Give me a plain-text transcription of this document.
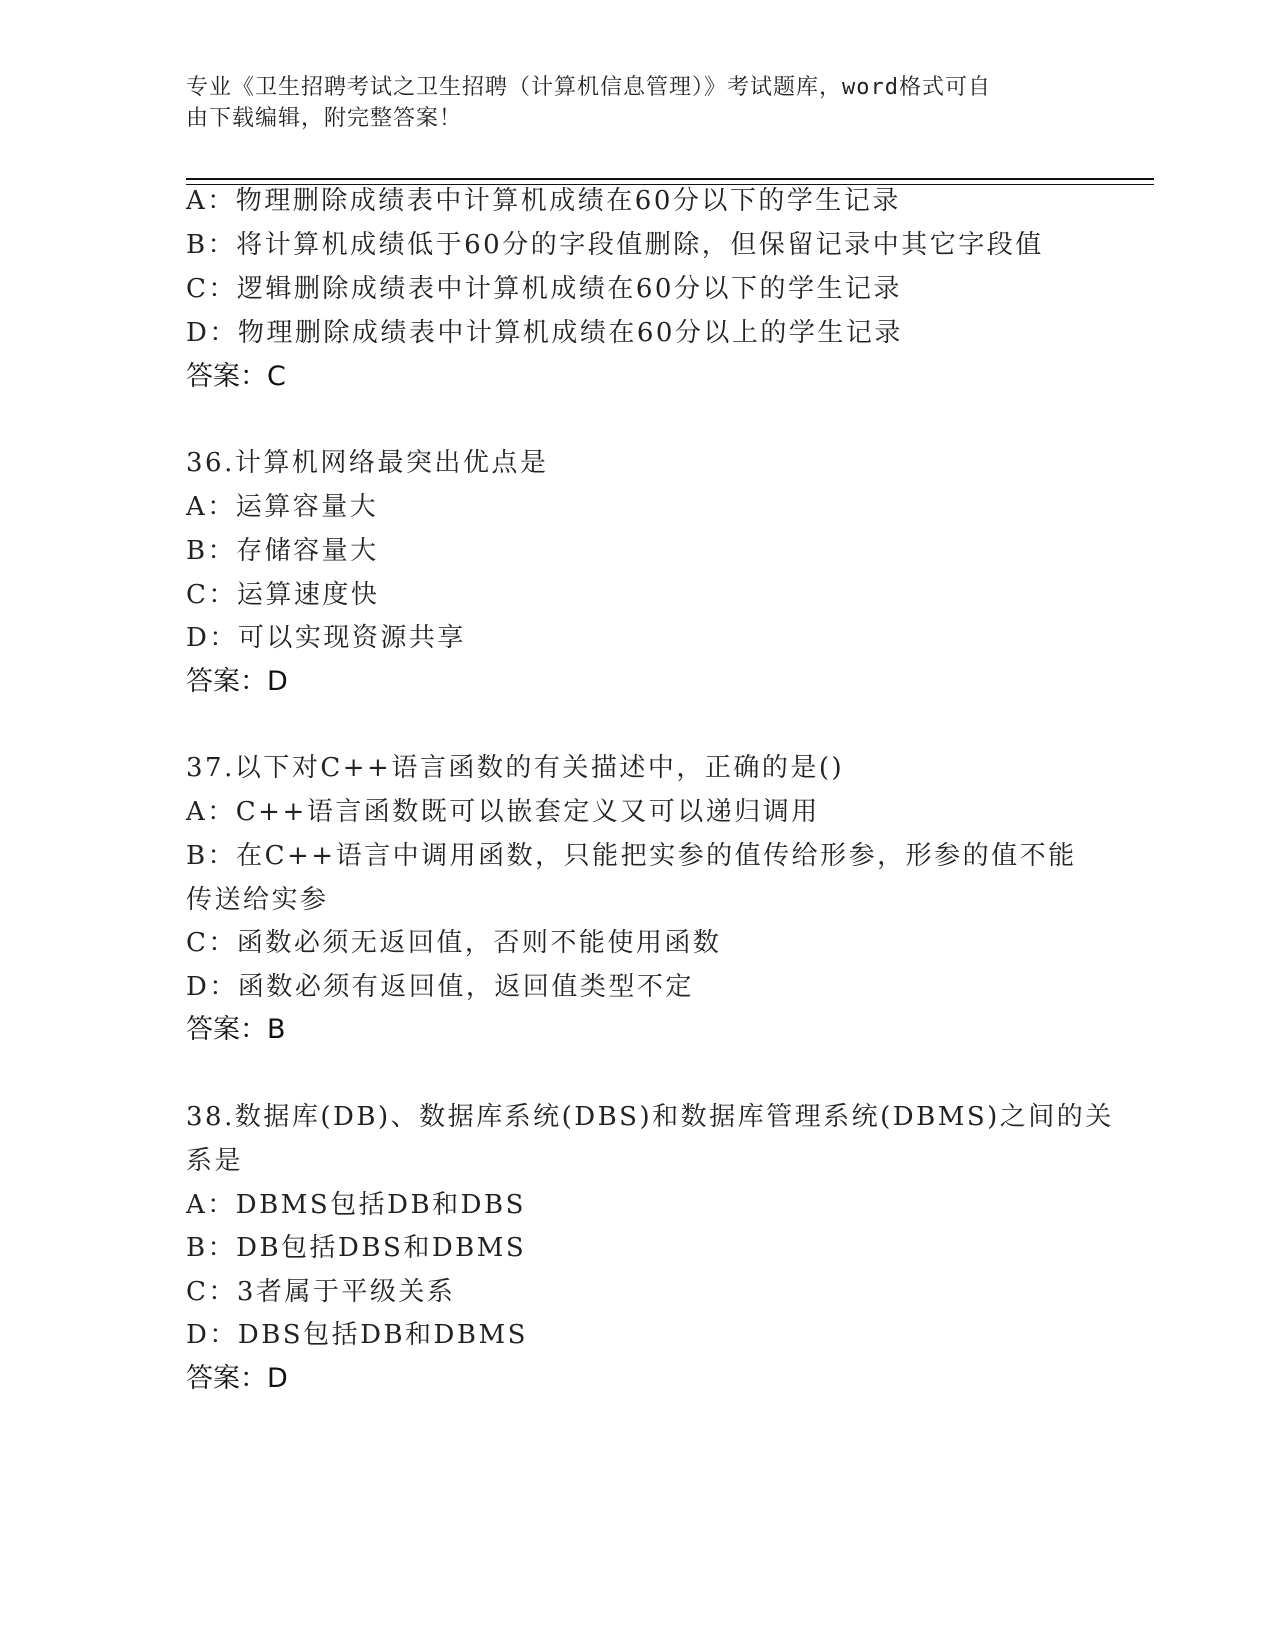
专业《卫生招聘考试之卫生招聘（计算机信息管理）》考试题库，word格式可自
由下载编辑，附完整答案！
A：物理删除成绩表中计算机成绩在60分以下的学生记录
B：将计算机成绩低于60分的字段值删除，但保留记录中其它字段值
C：逻辑删除成绩表中计算机成绩在60分以下的学生记录
D：物理删除成绩表中计算机成绩在60分以上的学生记录
答案：C
36.计算机网络最突出优点是
A：运算容量大
B：存储容量大
C：运算速度快
D：可以实现资源共享
答案：D
37.以下对C++语言函数的有关描述中，正确的是()
A：C++语言函数既可以嵌套定义又可以递归调用
B：在C++语言中调用函数，只能把实参的值传给形参，形参的值不能
传送给实参
C：函数必须无返回值，否则不能使用函数
D：函数必须有返回值，返回值类型不定
答案：B
38.数据库(DB)、数据库系统(DBS)和数据库管理系统(DBMS)之间的关
系是
A：DBMS包括DB和DBS
B：DB包括DBS和DBMS
C：3者属于平级关系
D：DBS包括DB和DBMS
答案：D
